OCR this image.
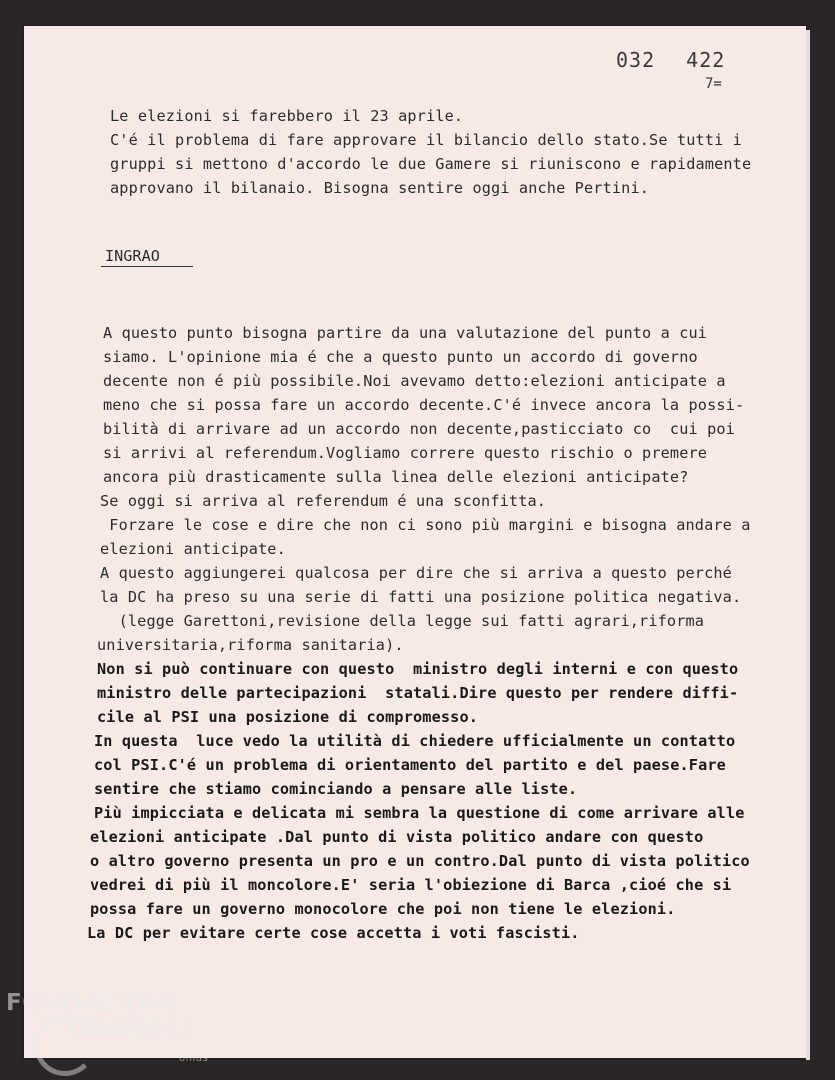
032 422
7=
Le elezioni si farebbero il 23 aprile.
C'é il problema di fare approvare il bilancio dello stato.Se tutti i
gruppi si mettono d'accordo le due Gamere si riuniscono e rapidamente
approvano il bilanaio. Bisogna sentire oggi anche Pertini.
INGRAO
A questo punto bisogna partire da una valutazione del punto a cui
siamo. L'opinione mia é che a questo punto un accordo di governo
decente non é più possibile.Noi avevamo detto:elezioni anticipate a
meno che si possa fare un accordo decente.C'é invece ancora la possi-
bilità di arrivare ad un accordo non decente,pasticciato co  cui poi
si arrivi al referendum.Vogliamo correre questo rischio o premere
ancora più drasticamente sulla linea delle elezioni anticipate?
Se oggi si arriva al referendum é una sconfitta.
Forzare le cose e dire che non ci sono più margini e bisogna andare a
elezioni anticipate.
A questo aggiungerei qualcosa per dire che si arriva a questo perché
la DC ha preso su una serie di fatti una posizione politica negativa.
(legge Garettoni,revisione della legge sui fatti agrari,riforma
universitaria,riforma sanitaria).
Non si può continuare con questo  ministro degli interni e con questo
ministro delle partecipazioni  statali.Dire questo per rendere diffi-
cile al PSI una posizione di compromesso.
In questa  luce vedo la utilità di chiedere ufficialmente un contatto
col PSI.C'é un problema di orientamento del partito e del paese.Fare
sentire che stiamo cominciando a pensare alle liste.
Più impicciata e delicata mi sembra la questione di come arrivare alle
elezioni anticipate .Dal punto di vista politico andare con questo
o altro governo presenta un pro e un contro.Dal punto di vista politico
vedrei di più il moncolore.E' seria l'obiezione di Barca ,cioé che si
possa fare un governo monocolore che poi non tiene le elezioni.
La DC per evitare certe cose accetta i voti fascisti.
FONDAZIONE
GRAMSCI
onlus
